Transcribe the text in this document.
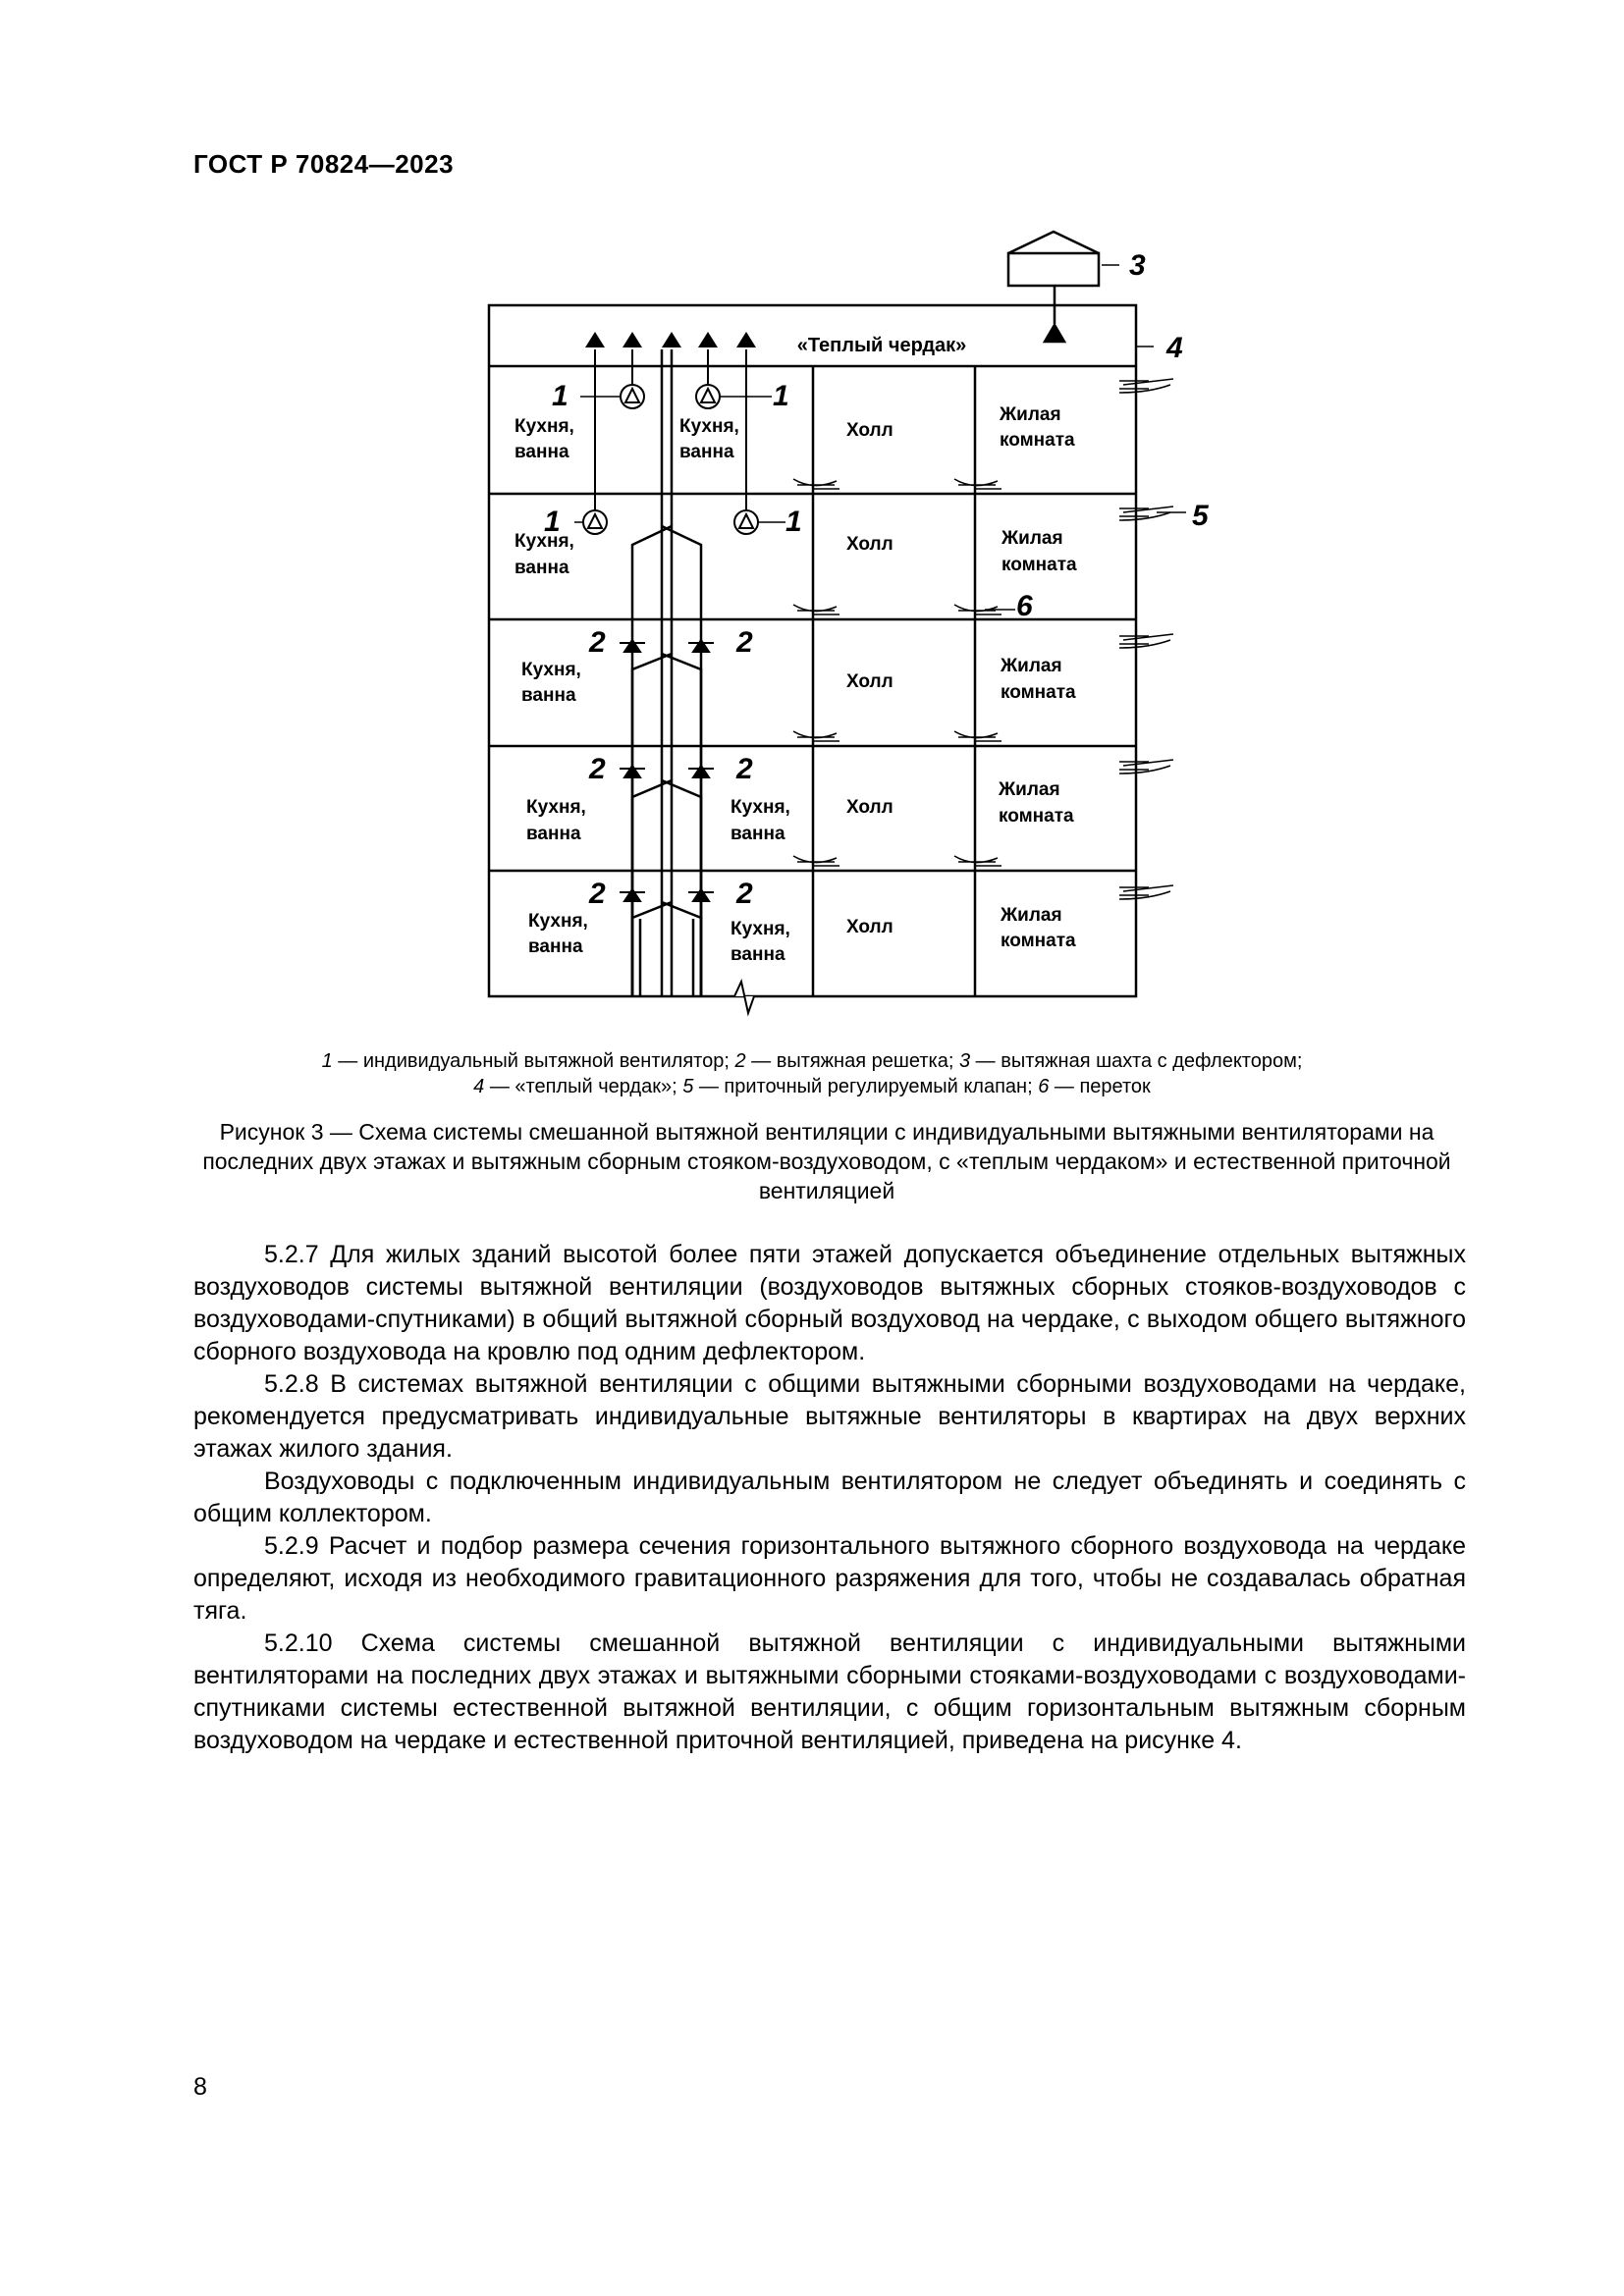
ГОСТ Р 70824—2023
«Теплый чердак»
Кухня,
ванна
Кухня,
ванна
Холл
Жилая
комната
Кухня,
ванна
Холл	Жилая
комната
Кухня,
ванна
Холл
Жилая
комната
Кухня,
ванна
Кухня,
ванна
Холл
Жилая
комната
Кухня,
ванна
Кухня,
ванна
Холл
Жилая
комната
3
4
1	1
1	1	5
6
2	2
2	2
2	2
1 — индивидуальный вытяжной вентилятор; 2 — вытяжная решетка; 3 — вытяжная шахта с дефлектором;
4 — «теплый чердак»; 5 — приточный регулируемый клапан; 6 — переток
Рисунок 3 — Схема системы смешанной вытяжной вентиляции с индивидуальными вытяжными вентиляторами на последних двух этажах и вытяжным сборным стояком-воздуховодом, с «теплым чердаком» и естественной приточной вентиляцией

5.2.7 Для жилых зданий высотой более пяти этажей допускается объединение отдельных вытяжных воздуховодов системы вытяжной вентиляции (воздуховодов вытяжных сборных стояков-воздуховодов с воздуховодами-спутниками) в общий вытяжной сборный воздуховод на чердаке, с выходом общего вытяжного сборного воздуховода на кровлю под одним дефлектором.

5.2.8 В системах вытяжной вентиляции с общими вытяжными сборными воздуховодами на чердаке, рекомендуется предусматривать индивидуальные вытяжные вентиляторы в квартирах на двух верхних этажах жилого здания.

Воздуховоды с подключенным индивидуальным вентилятором не следует объединять и соединять с общим коллектором.

5.2.9 Расчет и подбор размера сечения горизонтального вытяжного сборного воздуховода на чердаке определяют, исходя из необходимого гравитационного разряжения для того, чтобы не создавалась обратная тяга.

5.2.10 Схема системы смешанной вытяжной вентиляции с индивидуальными вытяжными вентиляторами на последних двух этажах и вытяжными сборными стояками-воздуховодами с воздуховодами-спутниками системы естественной вытяжной вентиляции, с общим горизонтальным вытяжным сборным воздуховодом на чердаке и естественной приточной вентиляцией, приведена на рисунке 4.

8
